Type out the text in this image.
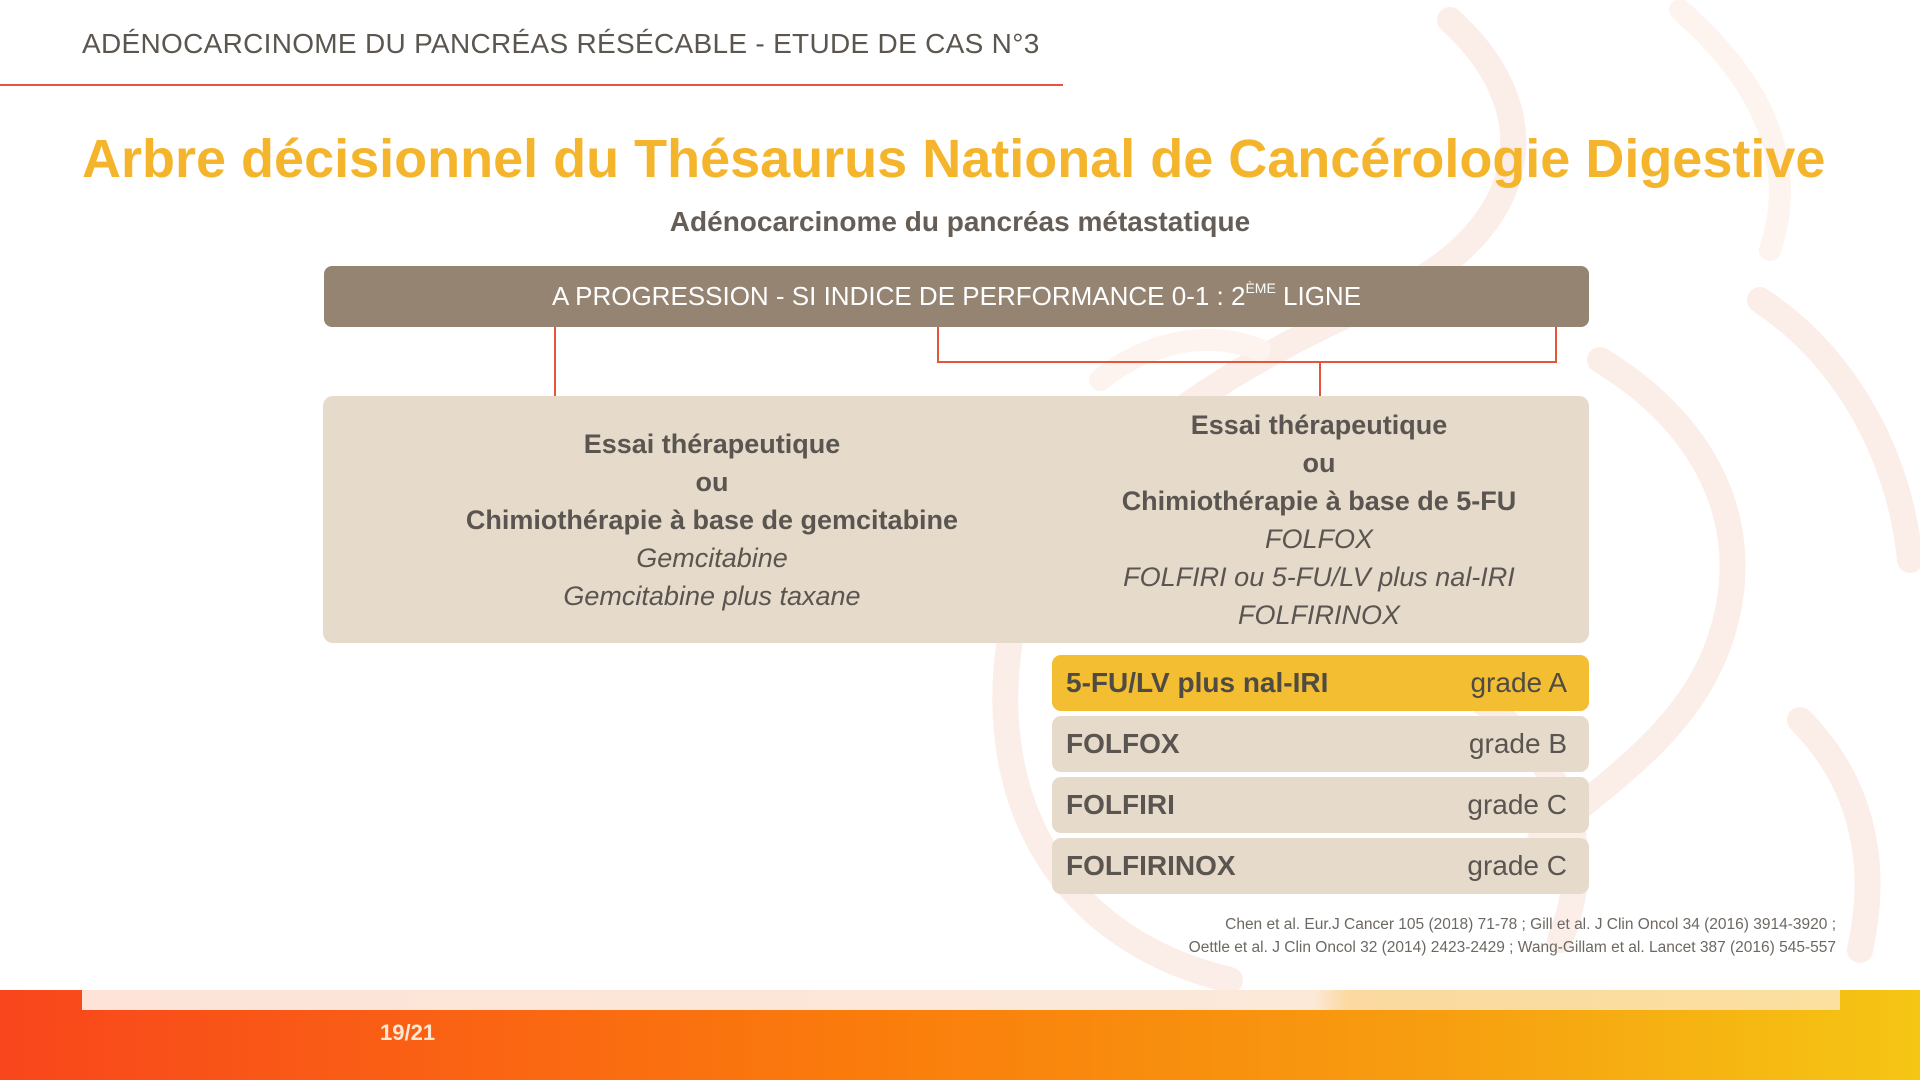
ADÉNOCARCINOME DU PANCRÉAS RÉSÉCABLE - ETUDE DE CAS N°3
Arbre décisionnel du Thésaurus National de Cancérologie Digestive
Adénocarcinome du pancréas métastatique
A PROGRESSION - SI INDICE DE PERFORMANCE 0-1 : 2ÈME LIGNE
Essai thérapeutique
ou
Chimiothérapie à base de gemcitabine
Gemcitabine
Gemcitabine plus taxane
Essai thérapeutique
ou
Chimiothérapie à base de 5-FU
FOLFOX
FOLFIRI ou 5-FU/LV plus nal-IRI
FOLFIRINOX
5-FU/LV plus nal-IRI	grade A
FOLFOX	grade B
FOLFIRI	grade C
FOLFIRINOX	grade C
Chen et al. Eur.J Cancer 105 (2018) 71-78 ; Gill et al. J Clin Oncol 34 (2016) 3914-3920 ;
Oettle et al. J Clin Oncol 32 (2014) 2423-2429 ; Wang-Gillam et al. Lancet 387 (2016) 545-557
19/21
